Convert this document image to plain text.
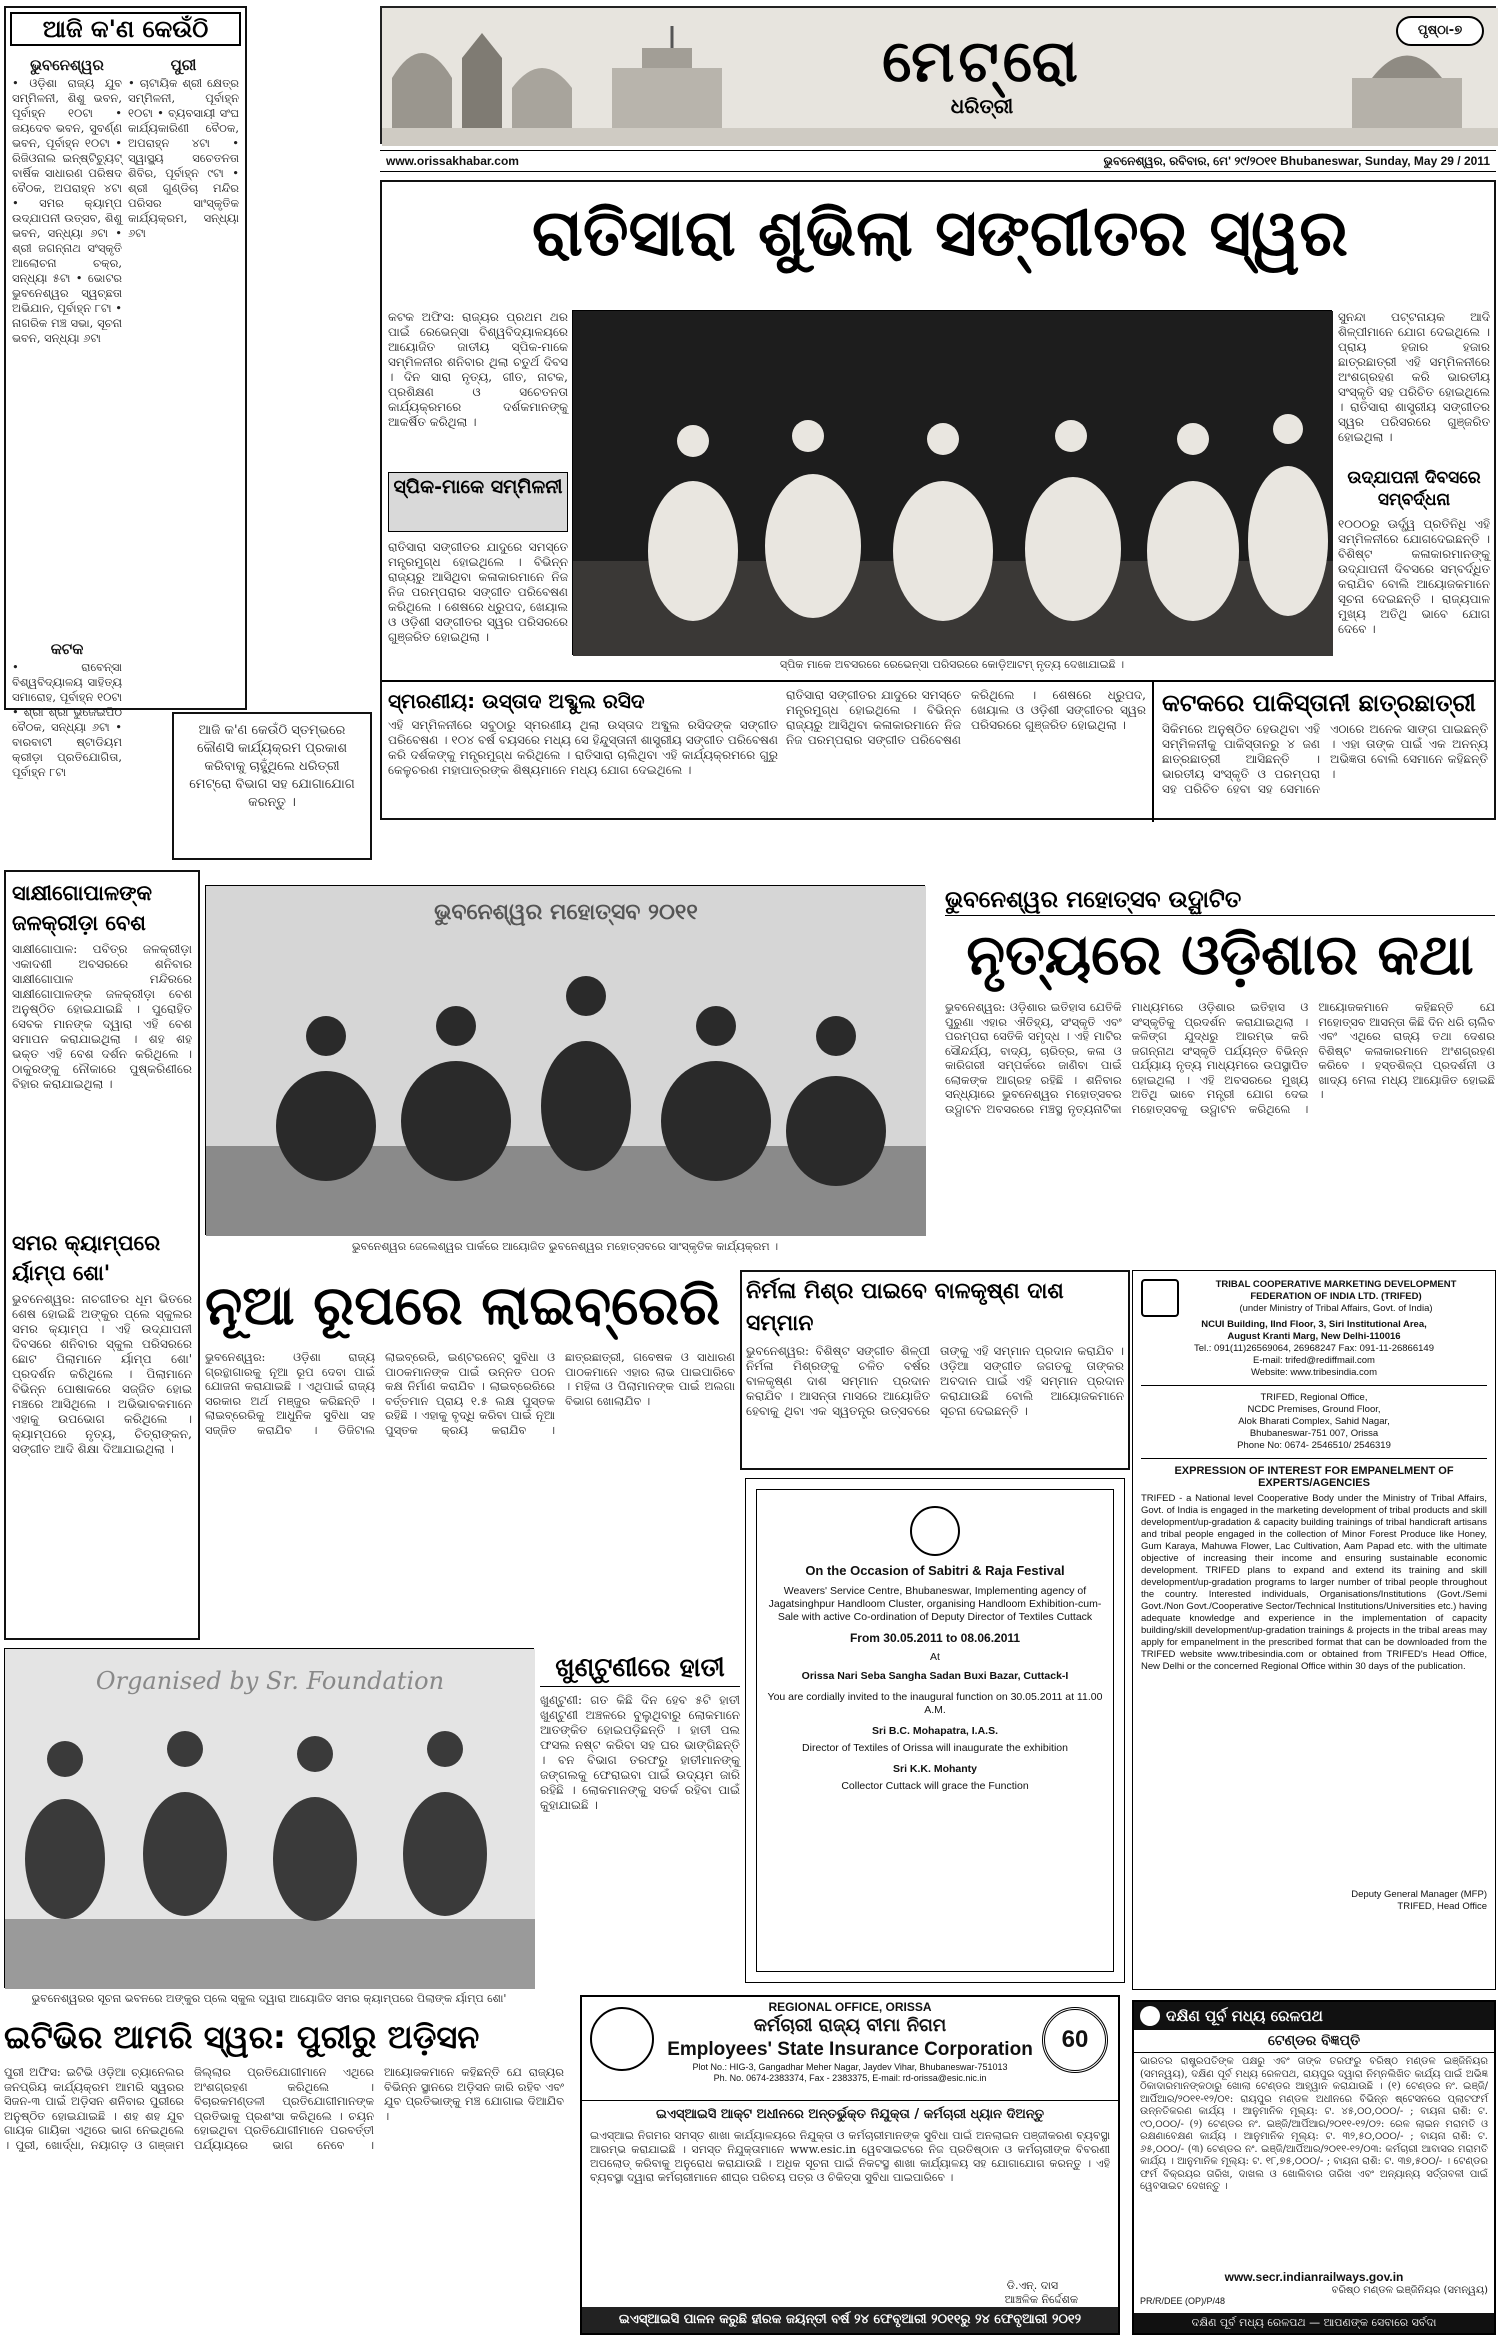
ଆଜି କ'ଣ କେଉଁଠି
ଭୁବନେଶ୍ୱର
• ଓଡ଼ିଶା ରାଜ୍ୟ ଯୁବ ସମ୍ମିଳନୀ, ଶିଶୁ ଭବନ, ପୂର୍ବାହ୍ନ ୧୦ଟା • ଜୟଦେବ ଭବନ, ସୁବର୍ଣ୍ଣ ଭବନ, ପୂର୍ବାହ୍ନ ୧୦ଟା • ରିଜିଓନାଲ ଇନ୍ଷ୍ଟିଚ୍ୟୁଟ୍ ବାର୍ଷିକ ସାଧାରଣ ପରିଷଦ ବୈଠକ, ଅପରାହ୍ନ ୪ଟା • ସମର କ୍ୟାମ୍ପ ଉଦ୍ଯାପନୀ ଉତ୍ସବ, ଶିଶୁ ଭବନ, ସନ୍ଧ୍ୟା ୬ଟା • ଶ୍ରୀ ଜଗନ୍ନାଥ ସଂସ୍କୃତି ଆଲୋଚନା ଚକ୍ର, ସନ୍ଧ୍ୟା ୫ଟା • ଭୋଟର ଭୁବନେଶ୍ୱର ସ୍ୱଚ୍ଛତା ଅଭିଯାନ, ପୂର୍ବାହ୍ନ ୮ଟା • ନାଗରିକ ମଞ୍ଚ ସଭା, ସୂଚନା ଭବନ, ସନ୍ଧ୍ୟା ୬ଟା
କଟକ
• ରାବେନ୍ସା ବିଶ୍ୱବିଦ୍ୟାଳୟ ସାହିତ୍ୟ ସମାରୋହ, ପୂର୍ବାହ୍ନ ୧୦ଟା • ଶ୍ରୀ ଶ୍ରୀ ଭୁଜେଇପିଠ ବୈଠକ, ସନ୍ଧ୍ୟା ୬ଟା • ବାରବାଟୀ ଷ୍ଟାଡିୟମ କ୍ରୀଡ଼ା ପ୍ରତିଯୋଗିତା, ପୂର୍ବାହ୍ନ ୮ଟା
ପୁରୀ
• ଚାଟାୟିକ ଶ୍ରୀ କ୍ଷେତ୍ର ସମ୍ମିଳନୀ, ପୂର୍ବାହ୍ନ ୧୦ଟା • ବ୍ୟବସାୟୀ ସଂଘ କାର୍ଯ୍ୟକାରିଣୀ ବୈଠକ, ଅପରାହ୍ନ ୪ଟା • ସ୍ୱାସ୍ଥ୍ୟ ସଚେତନତା ଶିବିର, ପୂର୍ବାହ୍ନ ୯ଟା • ଶ୍ରୀ ଗୁଣ୍ଡିଚା ମନ୍ଦିର ପରିସର ସାଂସ୍କୃତିକ କାର୍ଯ୍ୟକ୍ରମ, ସନ୍ଧ୍ୟା ୬ଟା
ଆଜି କ'ଣ କେଉଁଠି ସ୍ତମ୍ଭରେ କୌଣସି କାର୍ଯ୍ୟକ୍ରମ ପ୍ରକାଶ କରିବାକୁ ଚାହୁଁଥିଲେ ଧରିତ୍ରୀ ମେଟ୍ରୋ ବିଭାଗ ସହ ଯୋଗାଯୋଗ କରନ୍ତୁ ।
ମେଟ୍ରୋ
ଧରିତ୍ରୀ
ପୃଷ୍ଠା-୭
www.orissakhabar.com	ଭୁବନେଶ୍ୱର, ରବିବାର, ମେ' ୨୯/୨୦୧୧ Bhubaneswar, Sunday, May 29 / 2011
ରାତିସାରା ଶୁଭିଲା ସଙ୍ଗୀତର ସ୍ୱର
ସ୍ପିକ ମାକେ ଅବସରରେ ରେଭେନ୍ସା ପରିସରରେ କୋଡ଼ିଆଟମ୍ ନୃତ୍ୟ ଦେଖାଯାଇଛି ।
ସ୍ପିକ-ମାକେ ସମ୍ମିଳନୀ
କଟକ ଅଫିସ: ରାଜ୍ୟର ପ୍ରଥମ ଥର ପାଇଁ ରେଭେନ୍ସା ବିଶ୍ୱବିଦ୍ୟାଳୟରେ ଆୟୋଜିତ ଜାତୀୟ ସ୍ପିକ-ମାକେ ସମ୍ମିଳନୀର ଶନିବାର ଥିଲା ଚତୁର୍ଥ ଦିବସ । ଦିନ ସାରା ନୃତ୍ୟ, ଗୀତ, ନାଟକ, ପ୍ରଶିକ୍ଷଣ ଓ ସଚେତନତା କାର୍ଯ୍ୟକ୍ରମରେ ଦର୍ଶକମାନଙ୍କୁ ଆକର୍ଷିତ କରିଥିଲା ।
ରାତିସାରା ସଙ୍ଗୀତର ଯାଦୁରେ ସମସ୍ତେ ମନ୍ତ୍ରମୁଗ୍ଧ ହୋଇଥିଲେ । ବିଭିନ୍ନ ରାଜ୍ୟରୁ ଆସିଥିବା କଳାକାରମାନେ ନିଜ ନିଜ ପରମ୍ପରାର ସଙ୍ଗୀତ ପରିବେଷଣ କରିଥିଲେ । ଶେଷରେ ଧ୍ରୁପଦ, ଖେୟାଲ ଓ ଓଡ଼ିଶୀ ସଙ୍ଗୀତର ସ୍ୱର ପରିସରରେ ଗୁଞ୍ଜରିତ ହୋଇଥିଲା ।
ସୁନନ୍ଦା ପଟ୍ଟନାୟକ ଆଦି ଶିଳ୍ପୀମାନେ ଯୋଗ ଦେଇଥିଲେ । ପ୍ରାୟ ହଜାର ହଜାର ଛାତ୍ରଛାତ୍ରୀ ଏହି ସମ୍ମିଳନୀରେ ଅଂଶଗ୍ରହଣ କରି ଭାରତୀୟ ସଂସ୍କୃତି ସହ ପରିଚିତ ହୋଇଥିଲେ । ରାତିସାରା ଶାସ୍ତ୍ରୀୟ ସଙ୍ଗୀତର ସ୍ୱର ପରିସରରେ ଗୁଞ୍ଜରିତ ହୋଇଥିଲା ।
ଉଦ୍ଯାପନୀ ଦିବସରେ ସମ୍ବର୍ଦ୍ଧନା
୧୦୦୦ରୁ ଊର୍ଦ୍ଧ୍ୱ ପ୍ରତିନିଧି ଏହି ସମ୍ମିଳନୀରେ ଯୋଗଦେଇଛନ୍ତି । ବିଶିଷ୍ଟ କଳାକାରମାନଙ୍କୁ ଉଦ୍ଯାପନୀ ଦିବସରେ ସମ୍ବର୍ଦ୍ଧିତ କରାଯିବ ବୋଲି ଆୟୋଜକମାନେ ସୂଚନା ଦେଇଛନ୍ତି । ରାଜ୍ୟପାଳ ମୁଖ୍ୟ ଅତିଥି ଭାବେ ଯୋଗ ଦେବେ ।
ସ୍ମରଣୀୟ: ଉସ୍ତାଦ ଅବ୍ଦୁଲ ରସିଦ
ଏହି ସମ୍ମିଳନୀରେ ସବୁଠାରୁ ସ୍ମରଣୀୟ ଥିଲା ଉସ୍ତାଦ ଅବ୍ଦୁଲ ରସିଦଙ୍କ ସଙ୍ଗୀତ ପରିବେଷଣ । ୧୦୪ ବର୍ଷ ବୟସରେ ମଧ୍ୟ ସେ ହିନ୍ଦୁସ୍ତାନୀ ଶାସ୍ତ୍ରୀୟ ସଙ୍ଗୀତ ପରିବେଷଣ କରି ଦର୍ଶକଙ୍କୁ ମନ୍ତ୍ରମୁଗ୍ଧ କରିଥିଲେ । ରାତିସାରା ଚାଲିଥିବା ଏହି କାର୍ଯ୍ୟକ୍ରମରେ ଗୁରୁ କେଳୁଚରଣ ମହାପାତ୍ରଙ୍କ ଶିଷ୍ୟମାନେ ମଧ୍ୟ ଯୋଗ ଦେଇଥିଲେ ।
ରାତିସାରା ସଙ୍ଗୀତର ଯାଦୁରେ ସମସ୍ତେ ମନ୍ତ୍ରମୁଗ୍ଧ ହୋଇଥିଲେ । ବିଭିନ୍ନ ରାଜ୍ୟରୁ ଆସିଥିବା କଳାକାରମାନେ ନିଜ ନିଜ ପରମ୍ପରାର ସଙ୍ଗୀତ ପରିବେଷଣ କରିଥିଲେ । ଶେଷରେ ଧ୍ରୁପଦ, ଖେୟାଲ ଓ ଓଡ଼ିଶୀ ସଙ୍ଗୀତର ସ୍ୱର ପରିସରରେ ଗୁଞ୍ଜରିତ ହୋଇଥିଲା ।
କଟକରେ ପାକିସ୍ତାନୀ ଛାତ୍ରଛାତ୍ରୀ
ସିକିମରେ ଅନୁଷ୍ଠିତ ହେଉଥିବା ଏହି ସମ୍ମିଳନୀକୁ ପାକିସ୍ତାନରୁ ୪ ଜଣ ଛାତ୍ରଛାତ୍ରୀ ଆସିଛନ୍ତି । ଭାରତୀୟ ସଂସ୍କୃତି ଓ ପରମ୍ପରା ସହ ପରିଚିତ ହେବା ସହ ସେମାନେ ଏଠାରେ ଅନେକ ସାଙ୍ଗ ପାଇଛନ୍ତି । ଏହା ତାଙ୍କ ପାଇଁ ଏକ ଅନନ୍ୟ ଅଭିଜ୍ଞତା ବୋଲି ସେମାନେ କହିଛନ୍ତି ।
ସାକ୍ଷୀଗୋପାଳଙ୍କ ଜଳକ୍ରୀଡ଼ା ବେଶ
ସାକ୍ଷୀଗୋପାଳ: ପବିତ୍ର ଜଳକ୍ରୀଡ଼ା ଏକାଦଶୀ ଅବସରରେ ଶନିବାର ସାକ୍ଷୀଗୋପାଳ ମନ୍ଦିରରେ ସାକ୍ଷୀଗୋପାଳଙ୍କ ଜଳକ୍ରୀଡ଼ା ବେଶ ଅନୁଷ୍ଠିତ ହୋଇଯାଇଛି । ପୁରୋହିତ ସେବକ ମାନଙ୍କ ଦ୍ୱାରା ଏହି ବେଶ ସମାପନ କରାଯାଇଥିଲା । ଶହ ଶହ ଭକ୍ତ ଏହି ବେଶ ଦର୍ଶନ କରିଥିଲେ । ଠାକୁରଙ୍କୁ ନୌକାରେ ପୁଷ୍କରିଣୀରେ ବିହାର କରାଯାଇଥିଲା ।
ସମର କ୍ୟାମ୍ପରେ ର୍ୟାମ୍ପ ଶୋ'
ଭୁବନେଶ୍ୱର: ନାଚଗୀତର ଧୂମ ଭିତରେ ଶେଷ ହୋଇଛି ଅଙ୍କୁର ପ୍ଲେ ସ୍କୁଲର ସମର କ୍ୟାମ୍ପ । ଏହି ଉଦ୍ଯାପନୀ ଦିବସରେ ଶନିବାର ସ୍କୁଲ ପରିସରରେ ଛୋଟ ପିଲାମାନେ ର୍ୟାମ୍ପ ଶୋ' ପ୍ରଦର୍ଶନ କରିଥିଲେ । ପିଲାମାନେ ବିଭିନ୍ନ ପୋଷାକରେ ସଜ୍ଜିତ ହୋଇ ମଞ୍ଚରେ ଆସିଥିଲେ । ଅଭିଭାବକମାନେ ଏହାକୁ ଉପଭୋଗ କରିଥିଲେ । କ୍ୟାମ୍ପରେ ନୃତ୍ୟ, ଚିତ୍ରାଙ୍କନ, ସଙ୍ଗୀତ ଆଦି ଶିକ୍ଷା ଦିଆଯାଇଥିଲା ।
ଭୁବନେଶ୍ୱର ମହୋତ୍ସବ ୨୦୧୧
ଭୁବନେଶ୍ୱର ଜେଲେଶ୍ୱର ପାର୍କରେ ଆୟୋଜିତ ଭୁବନେଶ୍ୱର ମହୋତ୍ସବରେ ସାଂସ୍କୃତିକ କାର୍ଯ୍ୟକ୍ରମ ।
ଭୁବନେଶ୍ୱର ମହୋତ୍ସବ ଉଦ୍ଘାଟିତ
ନୃତ୍ୟରେ ଓଡ଼ିଶାର କଥା
ଭୁବନେଶ୍ୱର: ଓଡ଼ିଶାର ଇତିହାସ ଯେତିକି ପୁରୁଣା ଏହାର ଐତିହ୍ୟ, ସଂସ୍କୃତି ଏବଂ ପରମ୍ପରା ସେତିକି ସମୃଦ୍ଧ । ଏହି ମାଟିର ସୌନ୍ଦର୍ଯ୍ୟ, ବାଦ୍ୟ, ଚାରିତ୍ର, କଳା ଓ କାରିଗରୀ ସମ୍ପର୍କରେ ଜାଣିବା ପାଇଁ ଲୋକଙ୍କ ଆଗ୍ରହ ରହିଛି । ଶନିବାର ସନ୍ଧ୍ୟାରେ ଭୁବନେଶ୍ୱର ମହୋତ୍ସବର ଉଦ୍ଘାଟନ ଅବସରରେ ମଞ୍ଚସ୍ଥ ନୃତ୍ୟନାଟିକା ମାଧ୍ୟମରେ ଓଡ଼ିଶାର ଇତିହାସ ଓ ସଂସ୍କୃତିକୁ ପ୍ରଦର୍ଶନ କରାଯାଇଥିଲା । କଳିଙ୍ଗ ଯୁଦ୍ଧରୁ ଆରମ୍ଭ କରି ଜଗନ୍ନାଥ ସଂସ୍କୃତି ପର୍ଯ୍ୟନ୍ତ ବିଭିନ୍ନ ପର୍ଯ୍ୟାୟ ନୃତ୍ୟ ମାଧ୍ୟମରେ ଉପସ୍ଥାପିତ ହୋଇଥିଲା । ଏହି ଅବସରରେ ମୁଖ୍ୟ ଅତିଥି ଭାବେ ମନ୍ତ୍ରୀ ଯୋଗ ଦେଇ ମହୋତ୍ସବକୁ ଉଦ୍ଘାଟନ କରିଥିଲେ । ଆୟୋଜକମାନେ କହିଛନ୍ତି ଯେ ମହୋତ୍ସବ ଆସନ୍ତା କିଛି ଦିନ ଧରି ଚାଲିବ ଏବଂ ଏଥିରେ ରାଜ୍ୟ ତଥା ଦେଶର ବିଶିଷ୍ଟ କଳାକାରମାନେ ଅଂଶଗ୍ରହଣ କରିବେ । ହସ୍ତଶିଳ୍ପ ପ୍ରଦର୍ଶନୀ ଓ ଖାଦ୍ୟ ମେଳା ମଧ୍ୟ ଆୟୋଜିତ ହୋଇଛି ।
ନୂଆ ରୂପରେ ଲାଇବ୍ରେରି
ଭୁବନେଶ୍ୱର: ଓଡ଼ିଶା ରାଜ୍ୟ ଗ୍ରନ୍ଥାଗାରକୁ ନୂଆ ରୂପ ଦେବା ପାଇଁ ଯୋଜନା କରାଯାଇଛି । ଏଥିପାଇଁ ରାଜ୍ୟ ସରକାର ଅର୍ଥ ମଞ୍ଜୁର କରିଛନ୍ତି । ଲାଇବ୍ରେରିକୁ ଆଧୁନିକ ସୁବିଧା ସହ ସଜ୍ଜିତ କରାଯିବ । ଡିଜିଟାଲ ଲାଇବ୍ରେରି, ଇଣ୍ଟରନେଟ୍ ସୁବିଧା ଓ ପାଠକମାନଙ୍କ ପାଇଁ ଉନ୍ନତ ପଠନ କକ୍ଷ ନିର୍ମାଣ କରାଯିବ । ଲାଇବ୍ରେରିରେ ବର୍ତ୍ତମାନ ପ୍ରାୟ ୧.୫ ଲକ୍ଷ ପୁସ୍ତକ ରହିଛି । ଏହାକୁ ବୃଦ୍ଧି କରିବା ପାଇଁ ନୂଆ ପୁସ୍ତକ କ୍ରୟ କରାଯିବ । ଛାତ୍ରଛାତ୍ରୀ, ଗବେଷକ ଓ ସାଧାରଣ ପାଠକମାନେ ଏହାର ଲାଭ ପାଇପାରିବେ । ମହିଳା ଓ ପିଲାମାନଙ୍କ ପାଇଁ ଅଲଗା ବିଭାଗ ଖୋଲାଯିବ ।
ନିର୍ମଳା ମିଶ୍ର ପାଇବେ ବାଳକୃଷ୍ଣ ଦାଶ ସମ୍ମାନ
ଭୁବନେଶ୍ୱର: ବିଶିଷ୍ଟ ସଙ୍ଗୀତ ଶିଳ୍ପୀ ନିର୍ମଳା ମିଶ୍ରଙ୍କୁ ଚଳିତ ବର୍ଷର ବାଳକୃଷ୍ଣ ଦାଶ ସମ୍ମାନ ପ୍ରଦାନ କରାଯିବ । ଆସନ୍ତା ମାସରେ ଆୟୋଜିତ ହେବାକୁ ଥିବା ଏକ ସ୍ୱତନ୍ତ୍ର ଉତ୍ସବରେ ତାଙ୍କୁ ଏହି ସମ୍ମାନ ପ୍ରଦାନ କରାଯିବ । ଓଡ଼ିଆ ସଙ୍ଗୀତ ଜଗତକୁ ତାଙ୍କର ଅବଦାନ ପାଇଁ ଏହି ସମ୍ମାନ ପ୍ରଦାନ କରାଯାଉଛି ବୋଲି ଆୟୋଜକମାନେ ସୂଚନା ଦେଇଛନ୍ତି ।
ଖୁଣ୍ଟୁଣୀରେ ହାତୀ
ଖୁଣ୍ଟୁଣୀ: ଗତ କିଛି ଦିନ ହେବ ୫ଟି ହାତୀ ଖୁଣ୍ଟୁଣୀ ଅଞ୍ଚଳରେ ବୁଲୁଥିବାରୁ ଲୋକମାନେ ଆତଙ୍କିତ ହୋଇପଡ଼ିଛନ୍ତି । ହାତୀ ପଲ ଫସଲ ନଷ୍ଟ କରିବା ସହ ଘର ଭାଙ୍ଗିଛନ୍ତି । ବନ ବିଭାଗ ତରଫରୁ ହାତୀମାନଙ୍କୁ ଜଙ୍ଗଲକୁ ଫେରାଇବା ପାଇଁ ଉଦ୍ୟମ ଜାରି ରହିଛି । ଲୋକମାନଙ୍କୁ ସତର୍କ ରହିବା ପାଇଁ କୁହାଯାଇଛି ।
On the Occasion of Sabitri & Raja Festival
Weavers' Service Centre, Bhubaneswar, Implementing agency of Jagatsinghpur Handloom Cluster, organising Handloom Exhibition-cum-Sale with active Co-ordination of Deputy Director of Textiles Cuttack
From 30.05.2011 to 08.06.2011
At
Orissa Nari Seba Sangha Sadan Buxi Bazar, Cuttack-I
You are cordially invited to the inaugural function on 30.05.2011 at 11.00 A.M.
Sri B.C. Mohapatra, I.A.S.
Director of Textiles of Orissa will inaugurate the exhibition
Sri K.K. Mohanty
Collector Cuttack will grace the Function
TRIBAL COOPERATIVE MARKETING DEVELOPMENT FEDERATION OF INDIA LTD. (TRIFED)
(under Ministry of Tribal Affairs, Govt. of India)
NCUI Building, IInd Floor, 3, Siri Institutional Area,
August Kranti Marg, New Delhi-110016
Tel.: 091(11)26569064, 26968247 Fax: 091-11-26866149
E-mail: trifed@rediffmail.com
Website: www.tribesindia.com
TRIFED, Regional Office,
NCDC Premises, Ground Floor,
Alok Bharati Complex, Sahid Nagar,
Bhubaneswar-751 007, Orissa
Phone No: 0674- 2546510/ 2546319
EXPRESSION OF INTEREST FOR EMPANELMENT OF EXPERTS/AGENCIES
TRIFED - a National level Cooperative Body under the Ministry of Tribal Affairs, Govt. of India is engaged in the marketing development of tribal products and skill development/up-gradation & capacity building trainings of tribal handicraft artisans and tribal people engaged in the collection of Minor Forest Produce like Honey, Gum Karaya, Mahuwa Flower, Lac Cultivation, Aam Papad etc. with the ultimate objective of increasing their income and ensuring sustainable economic development. TRIFED plans to expand and extend its training and skill development/up-gradation programs to larger number of tribal people throughout the country. Interested individuals, Organisations/Institutions (Govt./Semi Govt./Non Govt./Cooperative Sector/Technical Institutions/Universities etc.) having adequate knowledge and experience in the implementation of capacity building/skill development/up-gradation trainings & projects in the tribal areas may apply for empanelment in the prescribed format that can be downloaded from the TRIFED website www.tribesindia.com or obtained from TRIFED's Head Office, New Delhi or the concerned Regional Office within 30 days of the publication.
Deputy General Manager (MFP)
TRIFED, Head Office
Organised by Sr. Foundation
ଭୁବନେଶ୍ୱରର ସୂଚନା ଭବନରେ ଅଙ୍କୁର ପ୍ଲେ ସ୍କୁଲ ଦ୍ୱାରା ଆୟୋଜିତ ସମର କ୍ୟାମ୍ପରେ ପିଲାଙ୍କ ର୍ୟାମ୍ପ ଶୋ'
ଇଟିଭିର ଆମରି ସ୍ୱର: ପୁରୀରୁ ଅଡ଼ିସନ
ପୁରୀ ଅଫିସ: ଇଟିଭି ଓଡ଼ିଆ ଚ୍ୟାନେଲର ଜନପ୍ରିୟ କାର୍ଯ୍ୟକ୍ରମ ଆମରି ସ୍ୱରର ସିଜନ-୩ ପାଇଁ ଅଡ଼ିସନ ଶନିବାର ପୁରୀରେ ଅନୁଷ୍ଠିତ ହୋଇଯାଇଛି । ଶହ ଶହ ଯୁବ ଗାୟକ ଗାୟିକା ଏଥିରେ ଭାଗ ନେଇଥିଲେ । ପୁରୀ, ଖୋର୍ଦ୍ଧା, ନୟାଗଡ଼ ଓ ଗଞ୍ଜାମ ଜିଲ୍ଲାର ପ୍ରତିଯୋଗୀମାନେ ଏଥିରେ ଅଂଶଗ୍ରହଣ କରିଥିଲେ । ବିଚାରକମଣ୍ଡଳୀ ପ୍ରତିଯୋଗୀମାନଙ୍କ ପ୍ରତିଭାକୁ ପ୍ରଶଂସା କରିଥିଲେ । ଚୟନ ହୋଇଥିବା ପ୍ରତିଯୋଗୀମାନେ ପରବର୍ତ୍ତୀ ପର୍ଯ୍ୟାୟରେ ଭାଗ ନେବେ । ଆୟୋଜକମାନେ କହିଛନ୍ତି ଯେ ରାଜ୍ୟର ବିଭିନ୍ନ ସ୍ଥାନରେ ଅଡ଼ିସନ ଜାରି ରହିବ ଏବଂ ଯୁବ ପ୍ରତିଭାଙ୍କୁ ମଞ୍ଚ ଯୋଗାଇ ଦିଆଯିବ ।
60
REGIONAL OFFICE, ORISSA
କର୍ମଚାରୀ ରାଜ୍ୟ ବୀମା ନିଗମ
Employees' State Insurance Corporation
Plot No.: HIG-3, Gangadhar Meher Nagar, Jaydev Vihar, Bhubaneswar-751013
Ph. No. 0674-2383374, Fax - 2383375, E-mail: rd-orissa@esic.nic.in
ଇଏସ୍‌ଆଇସି ଆକ୍ଟ ଅଧୀନରେ ଅନ୍ତର୍ଭୁକ୍ତ ନିଯୁକ୍ତା / କର୍ମଚାରୀ ଧ୍ୟାନ ଦିଅନ୍ତୁ
ଇଏସ୍‌ଆଇ ନିଗମର ସମସ୍ତ ଶାଖା କାର୍ଯ୍ୟାଳୟରେ ନିଯୁକ୍ତା ଓ କର୍ମଚାରୀମାନଙ୍କ ସୁବିଧା ପାଇଁ ଅନଲାଇନ ପଞ୍ଜୀକରଣ ବ୍ୟବସ୍ଥା ଆରମ୍ଭ କରାଯାଇଛି । ସମସ୍ତ ନିଯୁକ୍ତାମାନେ www.esic.in ୱେବସାଇଟରେ ନିଜ ପ୍ରତିଷ୍ଠାନ ଓ କର୍ମଚାରୀଙ୍କ ବିବରଣୀ ଅପଲୋଡ୍ କରିବାକୁ ଅନୁରୋଧ କରାଯାଉଛି । ଅଧିକ ସୂଚନା ପାଇଁ ନିକଟସ୍ଥ ଶାଖା କାର୍ଯ୍ୟାଳୟ ସହ ଯୋଗାଯୋଗ କରନ୍ତୁ । ଏହି ବ୍ୟବସ୍ଥା ଦ୍ୱାରା କର୍ମଚାରୀମାନେ ଶୀଘ୍ର ପରିଚୟ ପତ୍ର ଓ ଚିକିତ୍ସା ସୁବିଧା ପାଇପାରିବେ ।
ଡି.ଏନ୍. ଦାସ
ଆଞ୍ଚଳିକ ନିର୍ଦ୍ଦେଶକ
ଇଏସ୍‌ଆଇସି ପାଳନ କରୁଛି ହୀରକ ଜୟନ୍ତୀ ବର୍ଷ ୨୪ ଫେବୃଆରୀ ୨୦୧୧ରୁ ୨୪ ଫେବୃଆରୀ ୨୦୧୨
ଦକ୍ଷିଣ ପୂର୍ବ ମଧ୍ୟ ରେଳପଥ
ଟେଣ୍ଡର ବିଜ୍ଞପ୍ତି
ଭାରତର ରାଷ୍ଟ୍ରପତିଙ୍କ ପକ୍ଷରୁ ଏବଂ ତାଙ୍କ ତରଫରୁ ବରିଷ୍ଠ ମଣ୍ଡଳ ଇଞ୍ଜିନିୟର (ସମନ୍ୱୟ), ଦକ୍ଷିଣ ପୂର୍ବ ମଧ୍ୟ ରେଳପଥ, ରାୟପୁର ଦ୍ୱାରା ନିମ୍ନଲିଖିତ କାର୍ଯ୍ୟ ପାଇଁ ଅଭିଜ୍ଞ ଠିକାଦାରମାନଙ୍କଠାରୁ ଖୋଲା ଟେଣ୍ଡର ଆହ୍ୱାନ କରାଯାଉଛି । (୧) ଟେଣ୍ଡର ନଂ. ଇଞ୍ଜି/ଆର୍ପିଆର/୨୦୧୧-୧୨/୦୧: ରାୟପୁର ମଣ୍ଡଳ ଅଧୀନରେ ବିଭିନ୍ନ ଷ୍ଟେସନରେ ପ୍ଲାଟଫର୍ମ ଉନ୍ନତିକରଣ କାର୍ଯ୍ୟ । ଆନୁମାନିକ ମୂଲ୍ୟ: ଟ. ୪୫,୦୦,୦୦୦/- ; ବାୟନା ରାଶି: ଟ. ୯୦,୦୦୦/- (୨) ଟେଣ୍ଡର ନଂ. ଇଞ୍ଜି/ଆର୍ପିଆର/୨୦୧୧-୧୨/୦୨: ରେଳ ଲାଇନ ମରାମତି ଓ ରକ୍ଷଣାବେକ୍ଷଣ କାର୍ଯ୍ୟ । ଆନୁମାନିକ ମୂଲ୍ୟ: ଟ. ୩୨,୫୦,୦୦୦/- ; ବାୟନା ରାଶି: ଟ. ୬୫,୦୦୦/- (୩) ଟେଣ୍ଡର ନଂ. ଇଞ୍ଜି/ଆର୍ପିଆର/୨୦୧୧-୧୨/୦୩: କର୍ମଚାରୀ ଆବାସର ମରାମତି କାର୍ଯ୍ୟ । ଆନୁମାନିକ ମୂଲ୍ୟ: ଟ. ୧୮,୭୫,୦୦୦/- ; ବାୟନା ରାଶି: ଟ. ୩୭,୫୦୦/- । ଟେଣ୍ଡର ଫର୍ମ ବିକ୍ରୟର ତାରିଖ, ଦାଖଲ ଓ ଖୋଲିବାର ତାରିଖ ଏବଂ ଅନ୍ୟାନ୍ୟ ସର୍ତ୍ତାବଳୀ ପାଇଁ ୱେବସାଇଟ ଦେଖନ୍ତୁ ।
www.secr.indianrailways.gov.in
ବରିଷ୍ଠ ମଣ୍ଡଳ ଇଞ୍ଜିନିୟର (ସମନ୍ୱୟ)
PR/R/DEE (OP)/P/48
ଦକ୍ଷିଣ ପୂର୍ବ ମଧ୍ୟ ରେଳପଥ — ଆପଣଙ୍କ ସେବାରେ ସର୍ବଦା
